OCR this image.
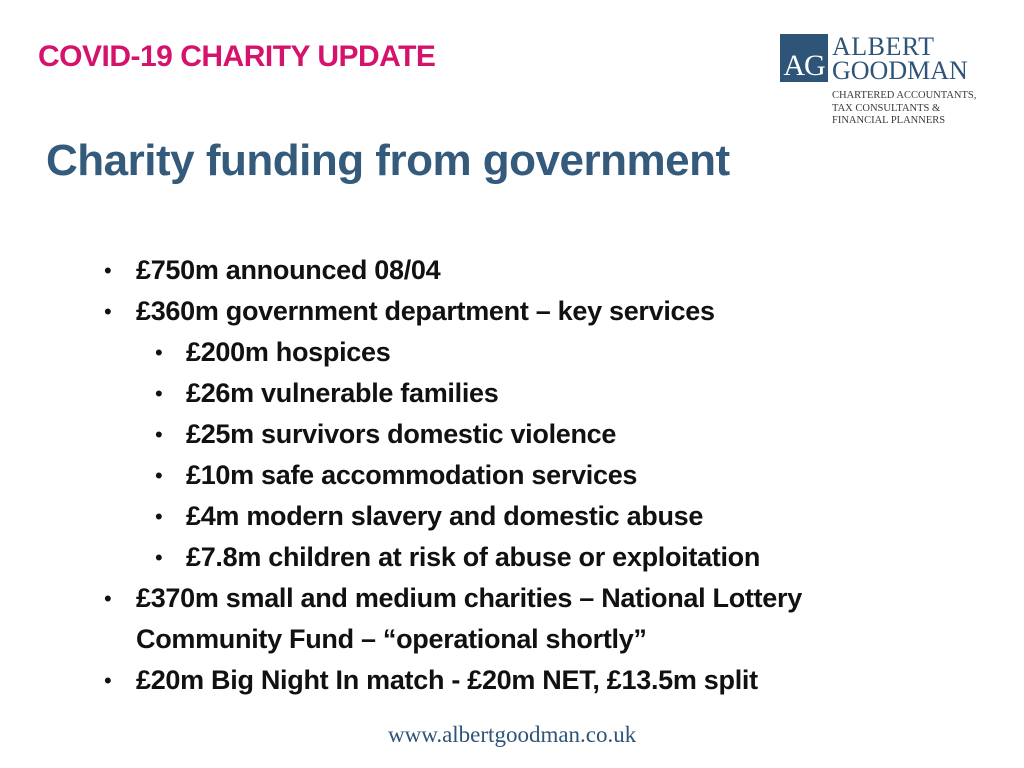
COVID-19 CHARITY UPDATE	AG
ALBERT
GOODMAN
CHARTERED ACCOUNTANTS,
TAX CONSULTANTS &
FINANCIAL PLANNERS
Charity funding from government
• £750m announced 08/04
• £360m government department – key services
• £200m hospices
• £26m vulnerable families
• £25m survivors domestic violence
• £10m safe accommodation services
• £4m modern slavery and domestic abuse
• £7.8m children at risk of abuse or exploitation
• £370m small and medium charities – National Lottery
Community Fund – “operational shortly”
• £20m Big Night In match - £20m NET, £13.5m split
www.albertgoodman.co.uk
